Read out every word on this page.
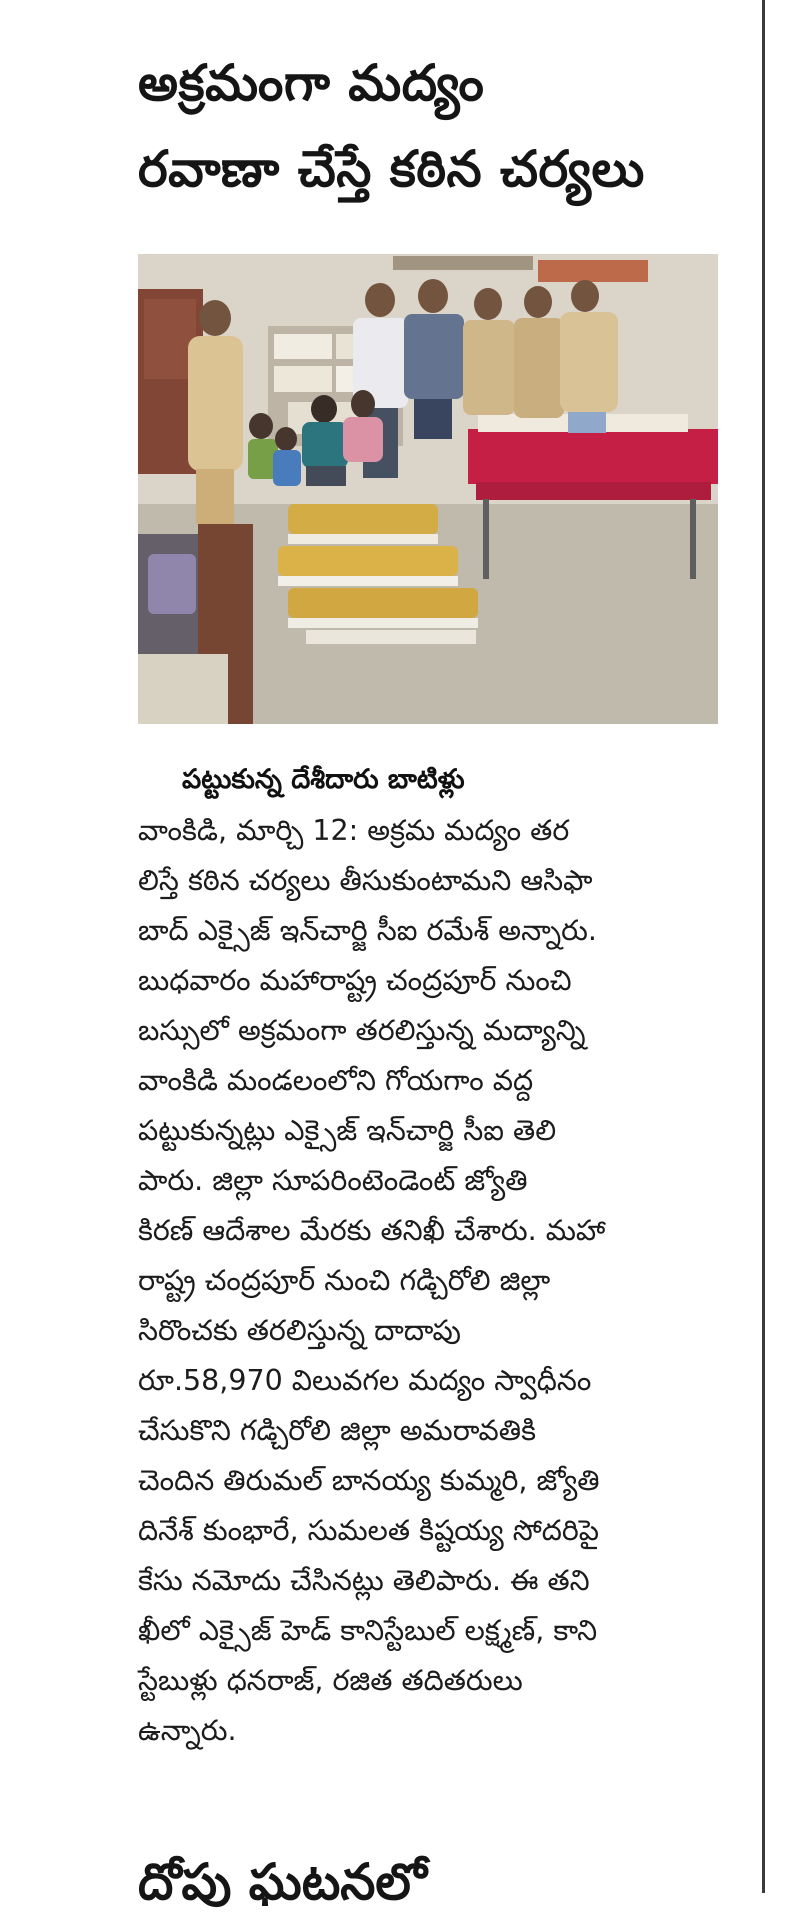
అక్రమంగా మద్యం
రవాణా చేస్తే కఠిన చర్యలు
పట్టుకున్న దేశీదారు బాటిళ్లు
వాంకిడి, మార్చి 12: అక్రమ మద్యం తర
లిస్తే కఠిన చర్యలు తీసుకుంటామని ఆసిఫా
బాద్ ఎక్సైజ్ ఇన్‌చార్జి సీఐ రమేశ్ అన్నారు.
బుధవారం మహారాష్ట్ర చంద్రపూర్ నుంచి
బస్సులో అక్రమంగా తరలిస్తున్న మద్యాన్ని
వాంకిడి మండలంలోని గోయగాం వద్ద
పట్టుకున్నట్లు ఎక్సైజ్ ఇన్‌చార్జి సీఐ తెలి
పారు. జిల్లా సూపరింటెండెంట్ జ్యోతి
కిరణ్ ఆదేశాల మేరకు తనిఖీ చేశారు. మహా
రాష్ట్ర చంద్రపూర్ నుంచి గడ్చిరోలి జిల్లా
సిరొంచకు తరలిస్తున్న దాదాపు
రూ.58,970 విలువగల మద్యం స్వాధీనం
చేసుకొని గడ్చిరోలి జిల్లా అమరావతికి
చెందిన తిరుమల్ బానయ్య కుమ్మరి, జ్యోతి
దినేశ్ కుంభారే, సుమలత కిష్టయ్య సోదరిపై
కేసు నమోదు చేసినట్లు తెలిపారు. ఈ తని
ఖీలో ఎక్సైజ్ హెడ్ కానిస్టేబుల్ లక్ష్మణ్, కాని
స్టేబుళ్లు ధనరాజ్, రజిత తదితరులు
ఉన్నారు.
దోపు ఘటనలో
